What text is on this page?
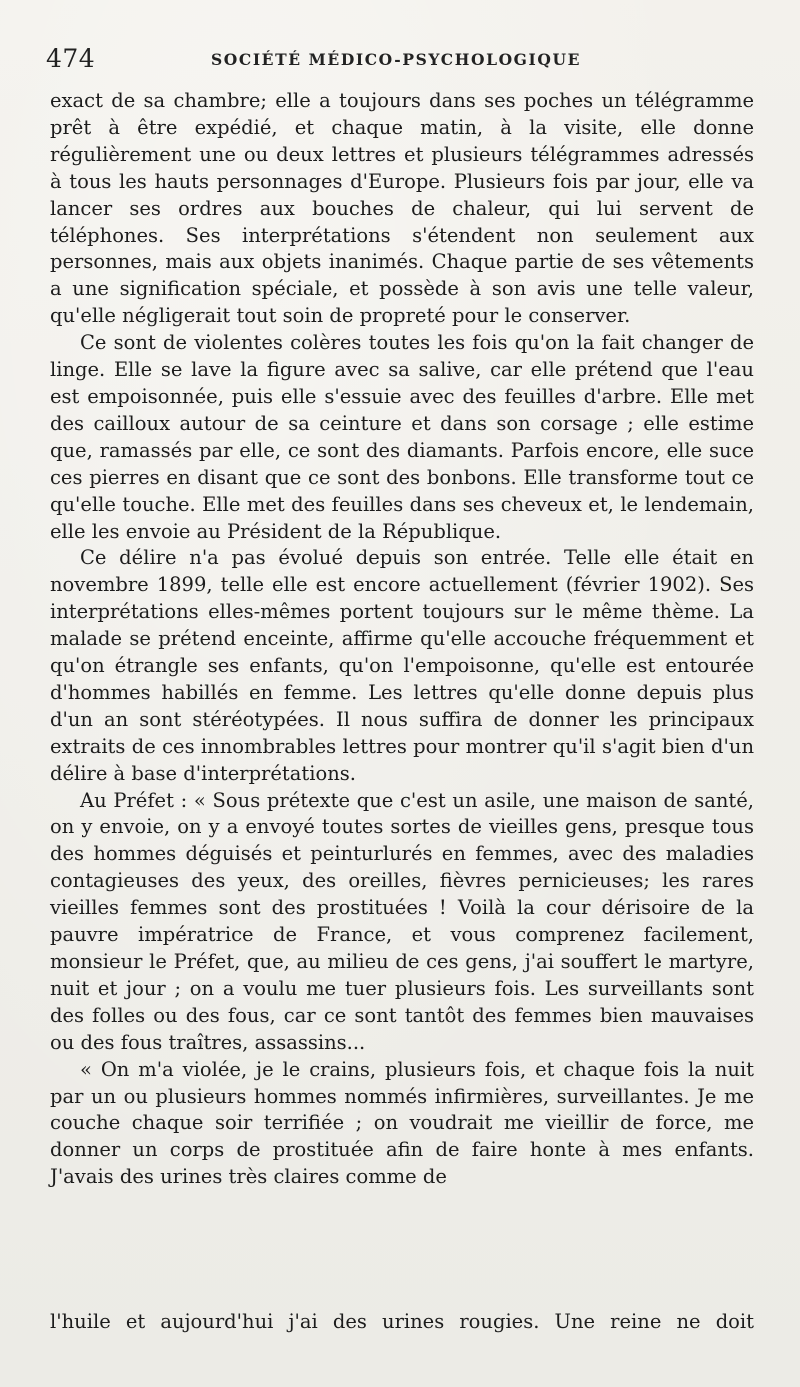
474	SOCIÉTÉ MÉDICO-PSYCHOLOGIQUE

exact de sa chambre; elle a toujours dans ses poches un télégramme prêt à être expédié, et chaque matin, à la visite, elle donne régulièrement une ou deux lettres et plusieurs télégrammes adressés à tous les hauts personnages d'Europe. Plusieurs fois par jour, elle va lancer ses ordres aux bouches de chaleur, qui lui servent de téléphones. Ses interprétations s'étendent non seulement aux personnes, mais aux objets inanimés. Chaque partie de ses vêtements a une signification spéciale, et possède à son avis une telle valeur, qu'elle négligerait tout soin de propreté pour le conserver.

Ce sont de violentes colères toutes les fois qu'on la fait changer de linge. Elle se lave la figure avec sa salive, car elle prétend que l'eau est empoisonnée, puis elle s'essuie avec des feuilles d'arbre. Elle met des cailloux autour de sa ceinture et dans son corsage ; elle estime que, ramassés par elle, ce sont des diamants. Parfois encore, elle suce ces pierres en disant que ce sont des bonbons. Elle transforme tout ce qu'elle touche. Elle met des feuilles dans ses cheveux et, le lendemain, elle les envoie au Président de la République.

Ce délire n'a pas évolué depuis son entrée. Telle elle était en novembre 1899, telle elle est encore actuellement (février 1902). Ses interprétations elles-mêmes portent toujours sur le même thème. La malade se prétend enceinte, affirme qu'elle accouche fréquemment et qu'on étrangle ses enfants, qu'on l'empoisonne, qu'elle est entourée d'hommes habillés en femme. Les lettres qu'elle donne depuis plus d'un an sont stéréotypées. Il nous suffira de donner les principaux extraits de ces innombrables lettres pour montrer qu'il s'agit bien d'un délire à base d'interprétations.

Au Préfet : « Sous prétexte que c'est un asile, une maison de santé, on y envoie, on y a envoyé toutes sortes de vieilles gens, presque tous des hommes déguisés et peinturlurés en femmes, avec des maladies contagieuses des yeux, des oreilles, fièvres pernicieuses; les rares vieilles femmes sont des prostituées ! Voilà la cour dérisoire de la pauvre impératrice de France, et vous comprenez facilement, monsieur le Préfet, que, au milieu de ces gens, j'ai souffert le martyre, nuit et jour ; on a voulu me tuer plusieurs fois. Les surveillants sont des folles ou des fous, car ce sont tantôt des femmes bien mauvaises ou des fous traîtres, assassins...

« On m'a violée, je le crains, plusieurs fois, et chaque fois la nuit par un ou plusieurs hommes nommés infirmières, surveillantes. Je me couche chaque soir terrifiée ; on voudrait me vieillir de force, me donner un corps de prostituée afin de faire honte à mes enfants. J'avais des urines très claires comme de

l'huile et aujourd'hui j'ai des urines rougies. Une reine ne doit
